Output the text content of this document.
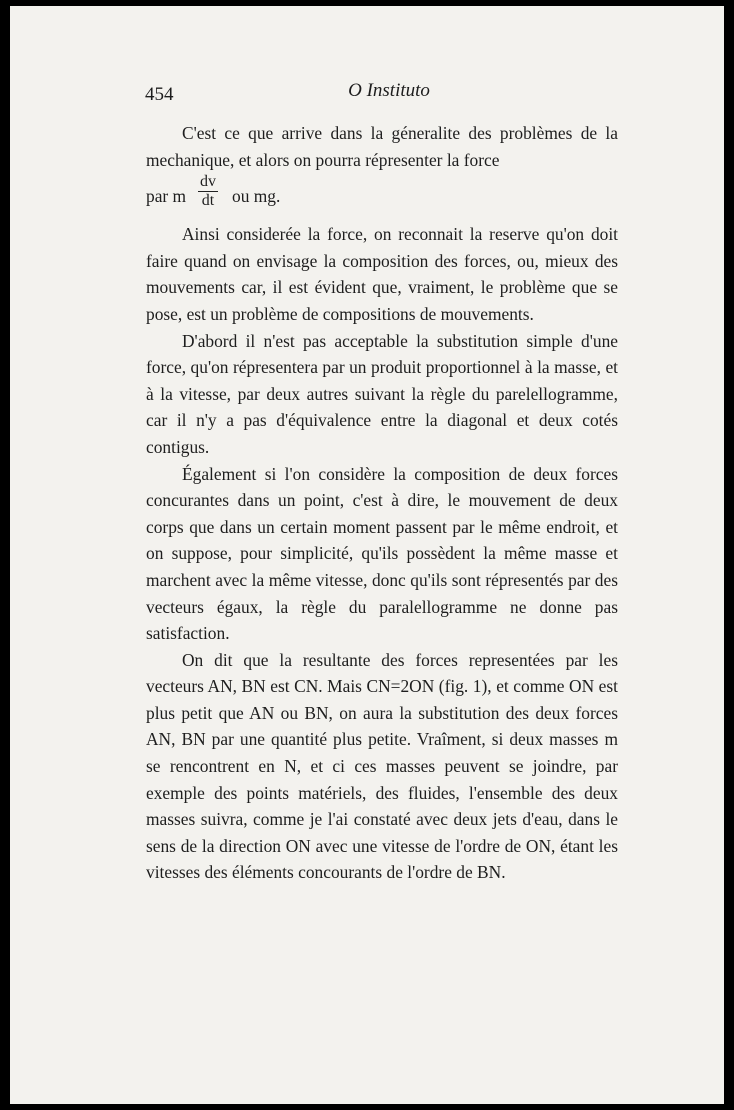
454	O Instituto

C'est ce que arrive dans la géneralite des problèmes de la mechanique, et alors on pourra répresenter la force

par m $\frac{dv}{dt}$ ou mg.

Ainsi considerée la force, on reconnait la reserve qu'on doit faire quand on envisage la composition des forces, ou, mieux des mouvements car, il est évident que, vraiment, le problème que se pose, est un problème de compositions de mouvements.

D'abord il n'est pas acceptable la substitution simple d'une force, qu'on répresentera par un produit proportionnel à la masse, et à la vitesse, par deux autres suivant la règle du parelellogramme, car il n'y a pas d'équivalence entre la diagonal et deux cotés contigus.

Également si l'on considère la composition de deux forces concurantes dans un point, c'est à dire, le mouvement de deux corps que dans un certain moment passent par le même endroit, et on suppose, pour simplicité, qu'ils possèdent la même masse et marchent avec la même vitesse, donc qu'ils sont répresentés par des vecteurs égaux, la règle du paralellogramme ne donne pas satisfaction.

On dit que la resultante des forces representées par les vecteurs AN, BN est CN. Mais CN=2ON (fig. 1), et comme ON est plus petit que AN ou BN, on aura la substitution des deux forces AN, BN par une quantité plus petite. Vraîment, si deux masses m se rencontrent en N, et ci ces masses peuvent se joindre, par exemple des points matériels, des fluides, l'ensemble des deux masses suivra, comme je l'ai constaté avec deux jets d'eau, dans le sens de la direction ON avec une vitesse de l'ordre de ON, étant les vitesses des éléments concourants de l'ordre de BN.
